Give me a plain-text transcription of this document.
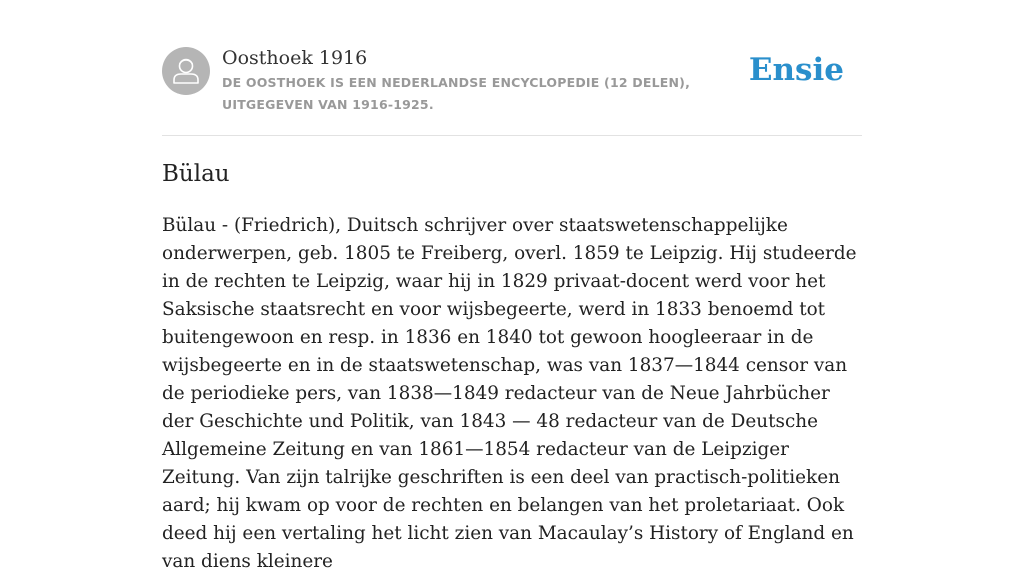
Oosthoek 1916
DE OOSTHOEK IS EEN NEDERLANDSE ENCYCLOPEDIE (12 DELEN), UITGEGEVEN VAN 1916-1925.
Ensie
Bülau

Bülau - (Friedrich), Duitsch schrijver over staatswetenschappelijke onderwerpen, geb. 1805 te Freiberg, overl. 1859 te Leipzig. Hij studeerde in de rechten te Leipzig, waar hij in 1829 privaat-docent werd voor het Saksische staatsrecht en voor wijsbegeerte, werd in 1833 benoemd tot buitengewoon en resp. in 1836 en 1840 tot gewoon hoogleeraar in de wijsbegeerte en in de staatswetenschap, was van 1837—1844 censor van de periodieke pers, van 1838—1849 redacteur van de Neue Jahrbücher der Geschichte und Politik, van 1843 — 48 redacteur van de Deutsche Allgemeine Zeitung en van 1861—1854 redacteur van de Leipziger Zeitung. Van zijn talrijke geschriften is een deel van practisch-politieken aard; hij kwam op voor de rechten en belangen van het proletariaat. Ook deed hij een vertaling het licht zien van Macaulay’s History of England en van diens kleinere
